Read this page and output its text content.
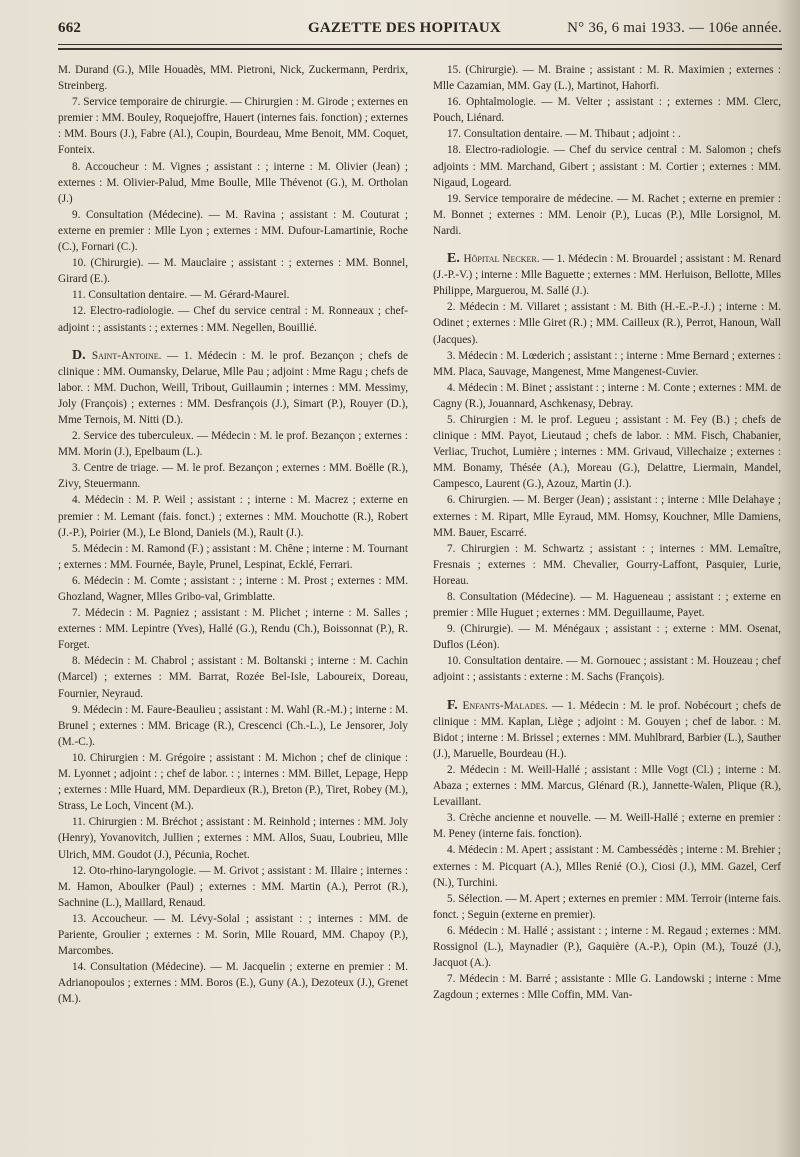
662	GAZETTE DES HOPITAUX	N° 36, 6 mai 1933. — 106e année.

M. Durand (G.), Mlle Houadès, MM. Pietroni, Nick, Zuckermann, Perdrix, Streinberg.

7. Service temporaire de chirurgie. — Chirurgien : M. Girode ; externes en premier : MM. Bouley, Roquejoffre, Hauert (internes fais. fonction) ; externes : MM. Bours (J.), Fabre (Al.), Coupin, Bourdeau, Mme Benoit, MM. Coquet, Fonteix.

8. Accoucheur : M. Vignes ; assistant : ; interne : M. Olivier (Jean) ; externes : M. Olivier-Palud, Mme Boulle, Mlle Thévenot (G.), M. Ortholan (J.)

9. Consultation (Médecine). — M. Ravina ; assistant : M. Couturat ; externe en premier : Mlle Lyon ; externes : MM. Dufour-Lamartinie, Roche (C.), Fornari (C.).

10. (Chirurgie). — M. Mauclaire ; assistant : ; externes : MM. Bonnel, Girard (E.).

11. Consultation dentaire. — M. Gérard-Maurel.

12. Electro-radiologie. — Chef du service central : M. Ronneaux ; chef-adjoint : ; assistants : ; externes : MM. Negellen, Bouillié.

D. Saint-Antoine. — 1. Médecin : M. le prof. Bezançon ; chefs de clinique : MM. Oumansky, Delarue, Mlle Pau ; adjoint : Mme Ragu ; chefs de labor. : MM. Duchon, Weill, Tribout, Guillaumin ; internes : MM. Messimy, Joly (François) ; externes : MM. Desfrançois (J.), Simart (P.), Rouyer (D.), Mme Ternois, M. Nitti (D.).

2. Service des tuberculeux. — Médecin : M. le prof. Bezançon ; externes : MM. Morin (J.), Epelbaum (L.).

3. Centre de triage. — M. le prof. Bezançon ; externes : MM. Boëlle (R.), Zivy, Steuermann.

4. Médecin : M. P. Weil ; assistant : ; interne : M. Macrez ; externe en premier : M. Lemant (fais. fonct.) ; externes : MM. Mouchotte (R.), Robert (J.-P.), Poirier (M.), Le Blond, Daniels (M.), Rault (J.).

5. Médecin : M. Ramond (F.) ; assistant : M. Chêne ; interne : M. Tournant ; externes : MM. Fournée, Bayle, Prunel, Lespinat, Ecklé, Ferrari.

6. Médecin : M. Comte ; assistant : ; interne : M. Prost ; externes : MM. Ghozland, Wagner, Mlles Gribo-val, Grimblatte.

7. Médecin : M. Pagniez ; assistant : M. Plichet ; interne : M. Salles ; externes : MM. Lepintre (Yves), Hallé (G.), Rendu (Ch.), Boissonnat (P.), R. Forget.

8. Médecin : M. Chabrol ; assistant : M. Boltanski ; interne : M. Cachin (Marcel) ; externes : MM. Barrat, Rozée Bel-Isle, Laboureix, Doreau, Fournier, Neyraud.

9. Médecin : M. Faure-Beaulieu ; assistant : M. Wahl (R.-M.) ; interne : M. Brunel ; externes : MM. Bricage (R.), Crescenci (Ch.-L.), Le Jensorer, Joly (M.-C.).

10. Chirurgien : M. Grégoire ; assistant : M. Michon ; chef de clinique : M. Lyonnet ; adjoint : ; chef de labor. : ; internes : MM. Billet, Lepage, Hepp ; externes : Mlle Huard, MM. Depardieux (R.), Breton (P.), Tiret, Robey (M.), Strass, Le Loch, Vincent (M.).

11. Chirurgien : M. Bréchot ; assistant : M. Reinhold ; internes : MM. Joly (Henry), Yovanovitch, Jullien ; externes : MM. Allos, Suau, Loubrieu, Mlle Ulrich, MM. Goudot (J.), Pécunia, Rochet.

12. Oto-rhino-laryngologie. — M. Grivot ; assistant : M. Illaire ; internes : M. Hamon, Aboulker (Paul) ; externes : MM. Martin (A.), Perrot (R.), Sachnine (L.), Maillard, Renaud.

13. Accoucheur. — M. Lévy-Solal ; assistant : ; internes : MM. de Pariente, Groulier ; externes : M. Sorin, Mlle Rouard, MM. Chapoy (P.), Marcombes.

14. Consultation (Médecine). — M. Jacquelin ; externe en premier : M. Adrianopoulos ; externes : MM. Boros (E.), Guny (A.), Dezoteux (J.), Grenet (M.).

15. (Chirurgie). — M. Braine ; assistant : M. R. Maximien ; externes : Mlle Cazamian, MM. Gay (L.), Martinot, Hahorfi.

16. Ophtalmologie. — M. Velter ; assistant : ; externes : MM. Clerc, Pouch, Liénard.

17. Consultation dentaire. — M. Thibaut ; adjoint : .

18. Electro-radiologie. — Chef du service central : M. Salomon ; chefs adjoints : MM. Marchand, Gibert ; assistant : M. Cortier ; externes : MM. Nigaud, Logeard.

19. Service temporaire de médecine. — M. Rachet ; externe en premier : M. Bonnet ; externes : MM. Lenoir (P.), Lucas (P.), Mlle Lorsignol, M. Nardi.

E. Hôpital Necker. — 1. Médecin : M. Brouardel ; assistant : M. Renard (J.-P.-V.) ; interne : Mlle Baguette ; externes : MM. Herluison, Bellotte, Mlles Philippe, Marguerou, M. Sallé (J.).

2. Médecin : M. Villaret ; assistant : M. Bith (H.-E.-P.-J.) ; interne : M. Odinet ; externes : Mlle Giret (R.) ; MM. Cailleux (R.), Perrot, Hanoun, Wall (Jacques).

3. Médecin : M. Lœderich ; assistant : ; interne : Mme Bernard ; externes : MM. Placa, Sauvage, Mangenest, Mme Mangenest-Cuvier.

4. Médecin : M. Binet ; assistant : ; interne : M. Conte ; externes : MM. de Cagny (R.), Jouannard, Aschkenasy, Debray.

5. Chirurgien : M. le prof. Legueu ; assistant : M. Fey (B.) ; chefs de clinique : MM. Payot, Lieutaud ; chefs de labor. : MM. Fisch, Chabanier, Verliac, Truchot, Lumière ; internes : MM. Grivaud, Villechaize ; externes : MM. Bonamy, Thésée (A.), Moreau (G.), Delattre, Liermain, Mandel, Campesco, Laurent (G.), Azouz, Martin (J.).

6. Chirurgien. — M. Berger (Jean) ; assistant : ; interne : Mlle Delahaye ; externes : M. Ripart, Mlle Eyraud, MM. Homsy, Kouchner, Mlle Damiens, MM. Bauer, Escarré.

7. Chirurgien : M. Schwartz ; assistant : ; internes : MM. Lemaître, Fresnais ; externes : MM. Chevalier, Gourry-Laffont, Pasquier, Lurie, Horeau.

8. Consultation (Médecine). — M. Hagueneau ; assistant : ; externe en premier : Mlle Huguet ; externes : MM. Deguillaume, Payet.

9. (Chirurgie). — M. Ménégaux ; assistant : ; externe : MM. Osenat, Duflos (Léon).

10. Consultation dentaire. — M. Gornouec ; assistant : M. Houzeau ; chef adjoint : ; assistants : externe : M. Sachs (François).

F. Enfants-Malades. — 1. Médecin : M. le prof. Nobécourt ; chefs de clinique : MM. Kaplan, Liège ; adjoint : M. Gouyen ; chef de labor. : M. Bidot ; interne : M. Brissel ; externes : MM. Muhlbrard, Barbier (L.), Sauther (J.), Maruelle, Bourdeau (H.).

2. Médecin : M. Weill-Hallé ; assistant : Mlle Vogt (Cl.) ; interne : M. Abaza ; externes : MM. Marcus, Glénard (R.), Jannette-Walen, Plique (R.), Levaillant.

3. Crèche ancienne et nouvelle. — M. Weill-Hallé ; externe en premier : M. Peney (interne fais. fonction).

4. Médecin : M. Apert ; assistant : M. Cambessédès ; interne : M. Brehier ; externes : M. Picquart (A.), Mlles Renié (O.), Ciosi (J.), MM. Gazel, Cerf (N.), Turchini.

5. Sélection. — M. Apert ; externes en premier : MM. Terroir (interne fais. fonct. ; Seguin (externe en premier).

6. Médecin : M. Hallé ; assistant : ; interne : M. Regaud ; externes : MM. Rossignol (L.), Maynadier (P.), Gaquière (A.-P.), Opin (M.), Touzé (J.), Jacquot (A.).

7. Médecin : M. Barré ; assistante : Mlle G. Landowski ; interne : Mme Zagdoun ; externes : Mlle Coffin, MM. Van-
